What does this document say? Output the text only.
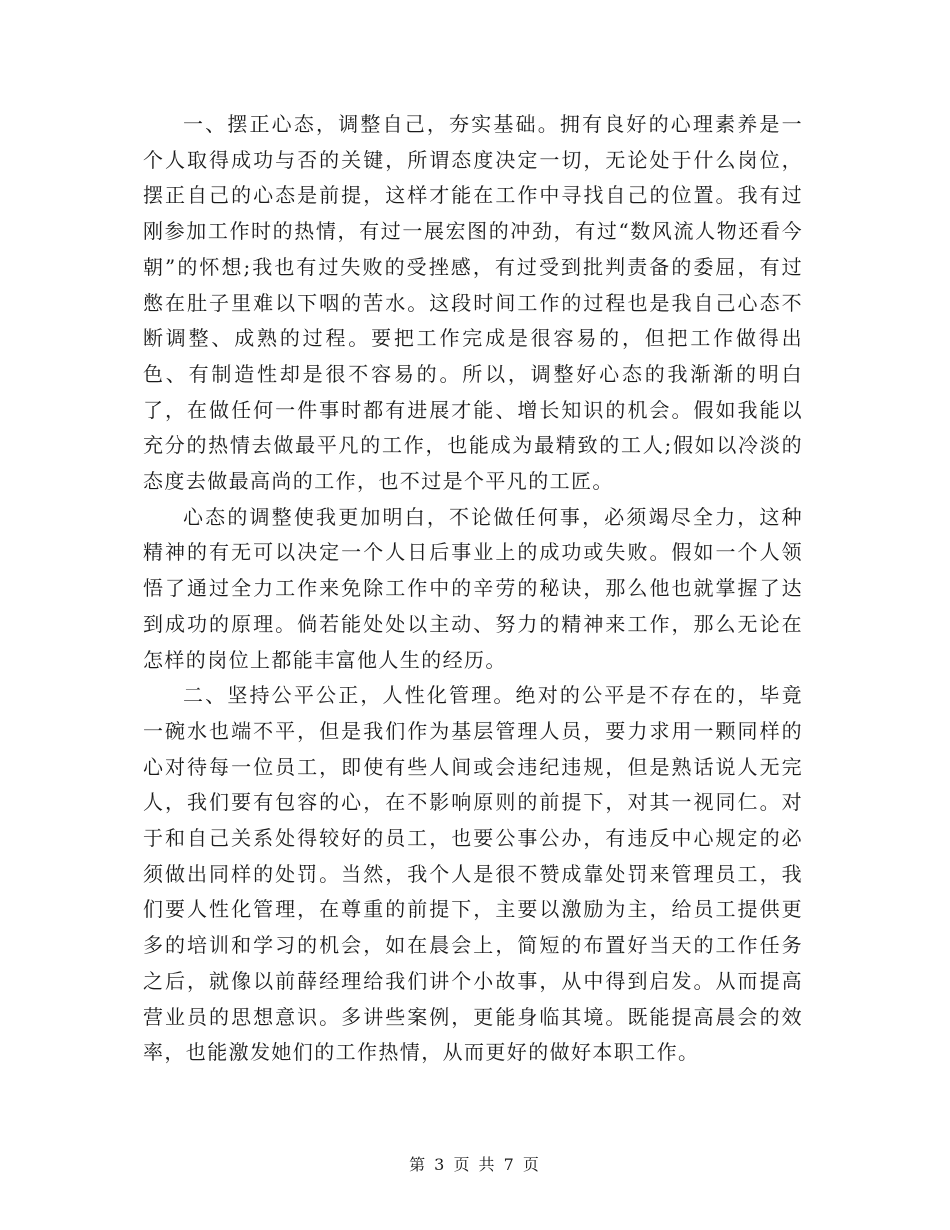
一、摆正心态，调整自己，夯实基础。拥有良好的心理素养是一个人取得成功与否的关键，所谓态度决定一切，无论处于什么岗位，摆正自己的心态是前提，这样才能在工作中寻找自己的位置。我有过刚参加工作时的热情，有过一展宏图的冲劲，有过“数风流人物还看今朝”的怀想;我也有过失败的受挫感，有过受到批判责备的委屈，有过憋在肚子里难以下咽的苦水。这段时间工作的过程也是我自己心态不断调整、成熟的过程。要把工作完成是很容易的，但把工作做得出色、有制造性却是很不容易的。所以，调整好心态的我渐渐的明白了，在做任何一件事时都有进展才能、增长知识的机会。假如我能以充分的热情去做最平凡的工作，也能成为最精致的工人;假如以冷淡的态度去做最高尚的工作，也不过是个平凡的工匠。

心态的调整使我更加明白，不论做任何事，必须竭尽全力，这种精神的有无可以决定一个人日后事业上的成功或失败。假如一个人领悟了通过全力工作来免除工作中的辛劳的秘诀，那么他也就掌握了达到成功的原理。倘若能处处以主动、努力的精神来工作，那么无论在怎样的岗位上都能丰富他人生的经历。

二、坚持公平公正，人性化管理。绝对的公平是不存在的，毕竟一碗水也端不平，但是我们作为基层管理人员，要力求用一颗同样的心对待每一位员工，即使有些人间或会违纪违规，但是熟话说人无完人，我们要有包容的心，在不影响原则的前提下，对其一视同仁。对于和自己关系处得较好的员工，也要公事公办，有违反中心规定的必须做出同样的处罚。当然，我个人是很不赞成靠处罚来管理员工，我们要人性化管理，在尊重的前提下，主要以激励为主，给员工提供更多的培训和学习的机会，如在晨会上，简短的布置好当天的工作任务之后，就像以前薛经理给我们讲个小故事，从中得到启发。从而提高营业员的思想意识。多讲些案例，更能身临其境。既能提高晨会的效率，也能激发她们的工作热情，从而更好的做好本职工作。

第 3 页 共 7 页
